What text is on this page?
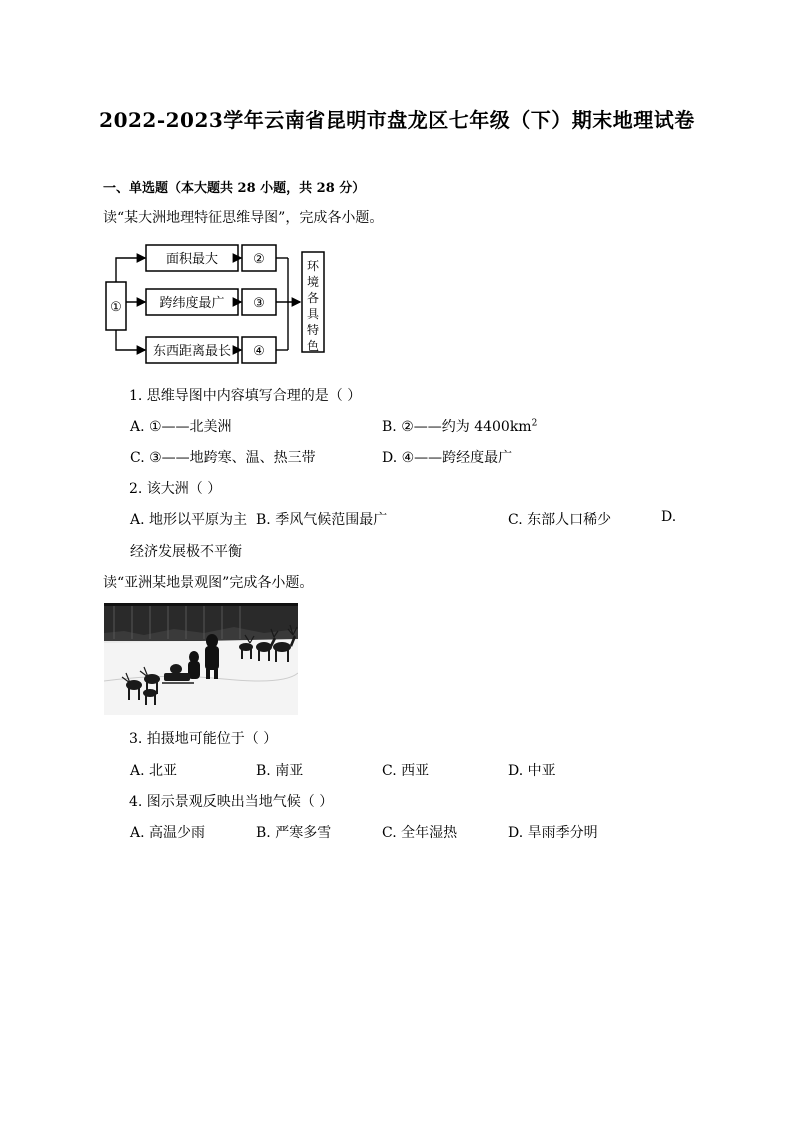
2022-2023学年云南省昆明市盘龙区七年级（下）期末地理试卷
一、单选题（本大题共 28 小题，共 28 分）
读“某大洲地理特征思维导图”，完成各小题。
①
面积最大
跨纬度最广
东西距离最长
②
③
④
环
境
各
具
特
色
1. 思维导图中内容填写合理的是（ ）
A. ①——北美洲	B. ②——约为 $4400km^2$
C. ③——地跨寒、温、热三带	D. ④——跨经度最广
2. 该大洲（ ）
A. 地形以平原为主 B. 季风气候范围最广	C. 东部人口稀少	D.
经济发展极不平衡
读“亚洲某地景观图”完成各小题。
3. 拍摄地可能位于（ ）
A. 北亚	B. 南亚	C. 西亚	D. 中亚
4. 图示景观反映出当地气候（ ）
A. 高温少雨	B. 严寒多雪	C. 全年湿热	D. 旱雨季分明
